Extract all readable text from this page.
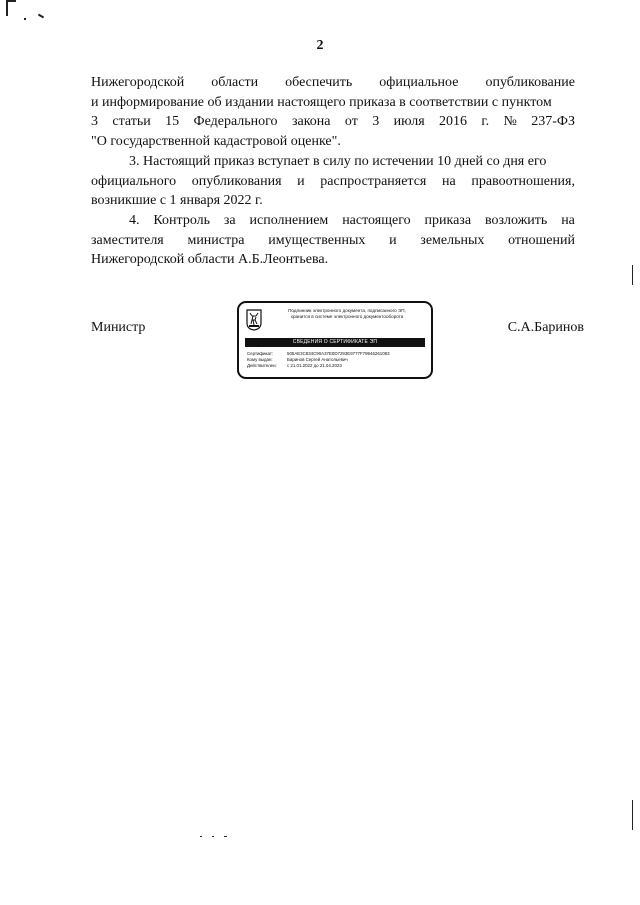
2
Нижегородской области обеспечить официальное опубликование
и информирование об издании настоящего приказа в соответствии с пунктом
3 статьи 15 Федерального закона от 3 июля 2016 г. № 237-ФЗ
"О государственной кадастровой оценке".
3. Настоящий приказ вступает в силу по истечении 10 дней со дня его
официального опубликования и распространяется на правоотношения,
возникшие с 1 января 2022 г.
4. Контроль за исполнением настоящего приказа возложить на
заместителя министра имущественных и земельных отношений
Нижегородской области А.Б.Леонтьева.
Министр	С.А.Баринов
Подлинник электронного документа, подписанного ЭП,
хранится в системе электронного документооборота
СВЕДЕНИЯ О СЕРТИФИКАТЕ ЭП
Сертификат:	505AE3C834C90A37E0D7293E9777F79946261083
Кому выдан:	Баринов Сергей Анатольевич
Действителен: с 21.01.2022 до 21.04.2023
